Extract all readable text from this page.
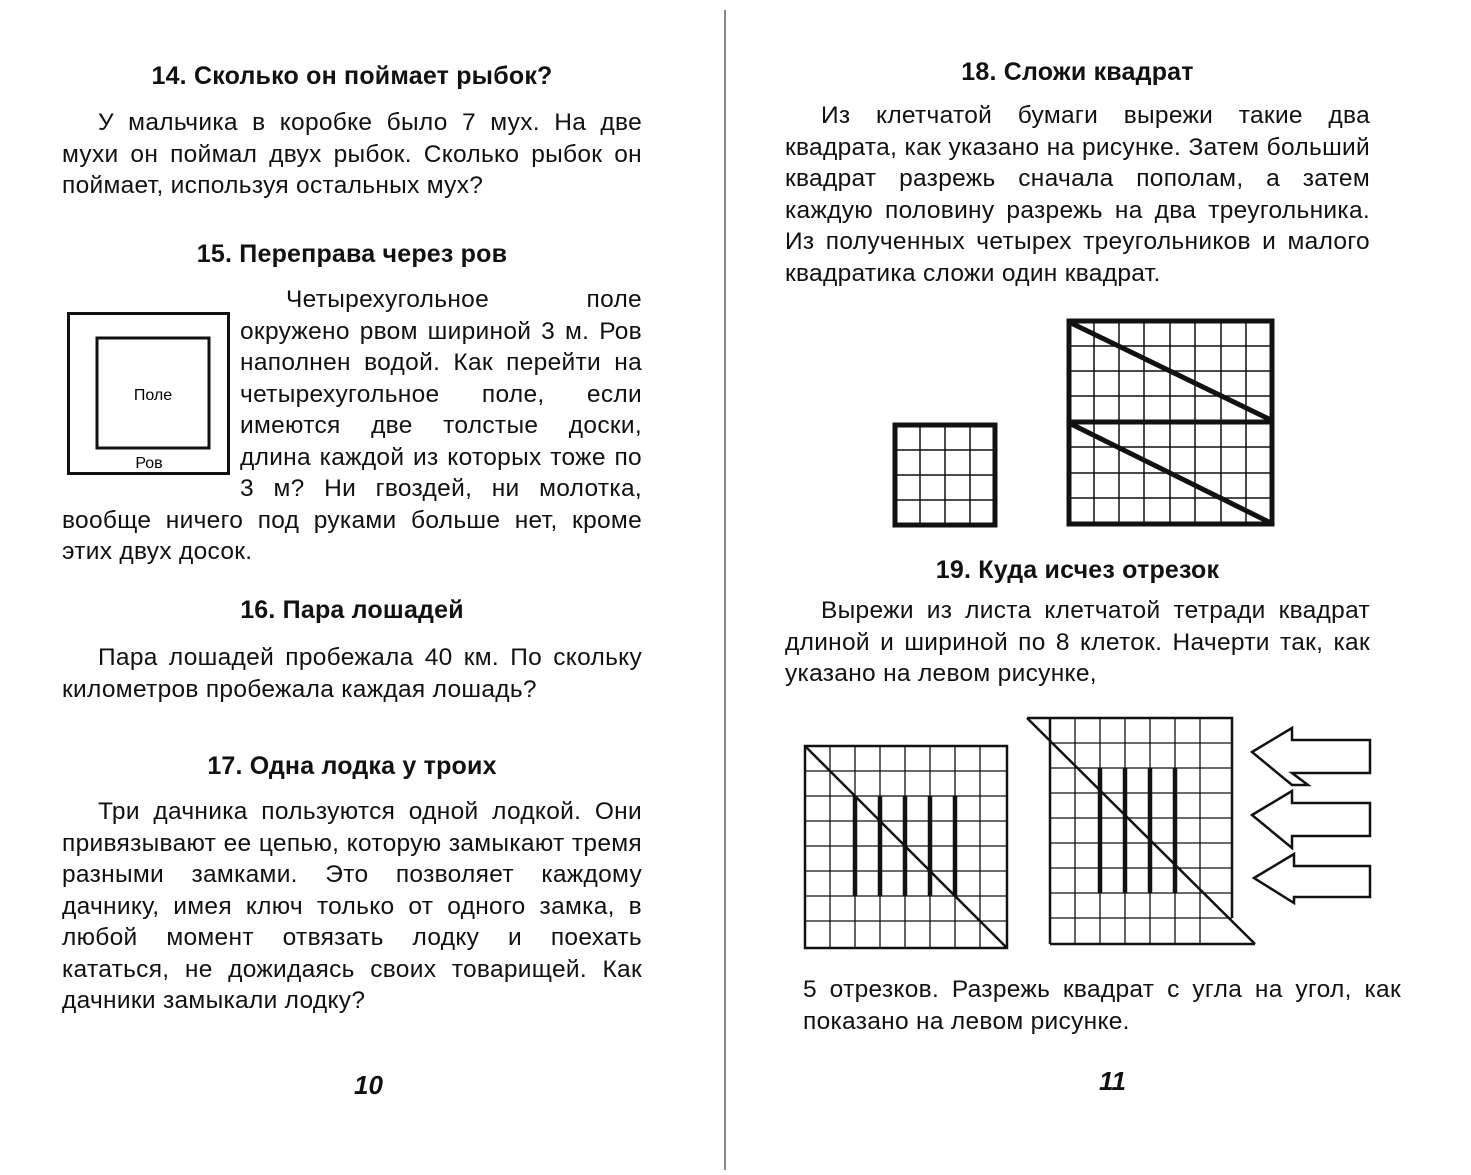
14. Сколько он поймает рыбок?

У мальчика в коробке было 7 мух. На две мухи он поймал двух рыбок. Сколько рыбок он поймает, используя остальных мух?

15. Переправа через ров
Поле
Ров

Четырехугольное поле окружено рвом шириной 3 м. Ров наполнен водой. Как перейти на четырехугольное поле, если имеются две толстые доски, длина каждой из которых тоже по 3 м? Ни гвоздей, ни молотка, вообще ничего под руками больше нет, кроме этих двух досок.

16. Пара лошадей

Пара лошадей пробежала 40 км. По скольку километров пробежала каждая лошадь?

17. Одна лодка у троих

Три дачника пользуются одной лодкой. Они привязывают ее цепью, которую замыкают тремя разными замками. Это позволяет каждому дачнику, имея ключ только от одного замка, в любой момент отвязать лодку и поехать кататься, не дожидаясь своих товарищей. Как дачники замыкали лодку?

10
18. Сложи квадрат

Из клетчатой бумаги вырежи такие два квадрата, как указано на рисунке. Затем больший квадрат разрежь сначала пополам, а затем каждую половину разрежь на два треугольника. Из полученных четырех треугольников и малого квадратика сложи один квадрат.

19. Куда исчез отрезок

Вырежи из листа клетчатой тетради квадрат длиной и шириной по 8 клеток. Начерти так, как указано на левом рисунке,

5 отрезков. Разрежь квадрат с угла на угол, как показано на левом рисунке.

11
